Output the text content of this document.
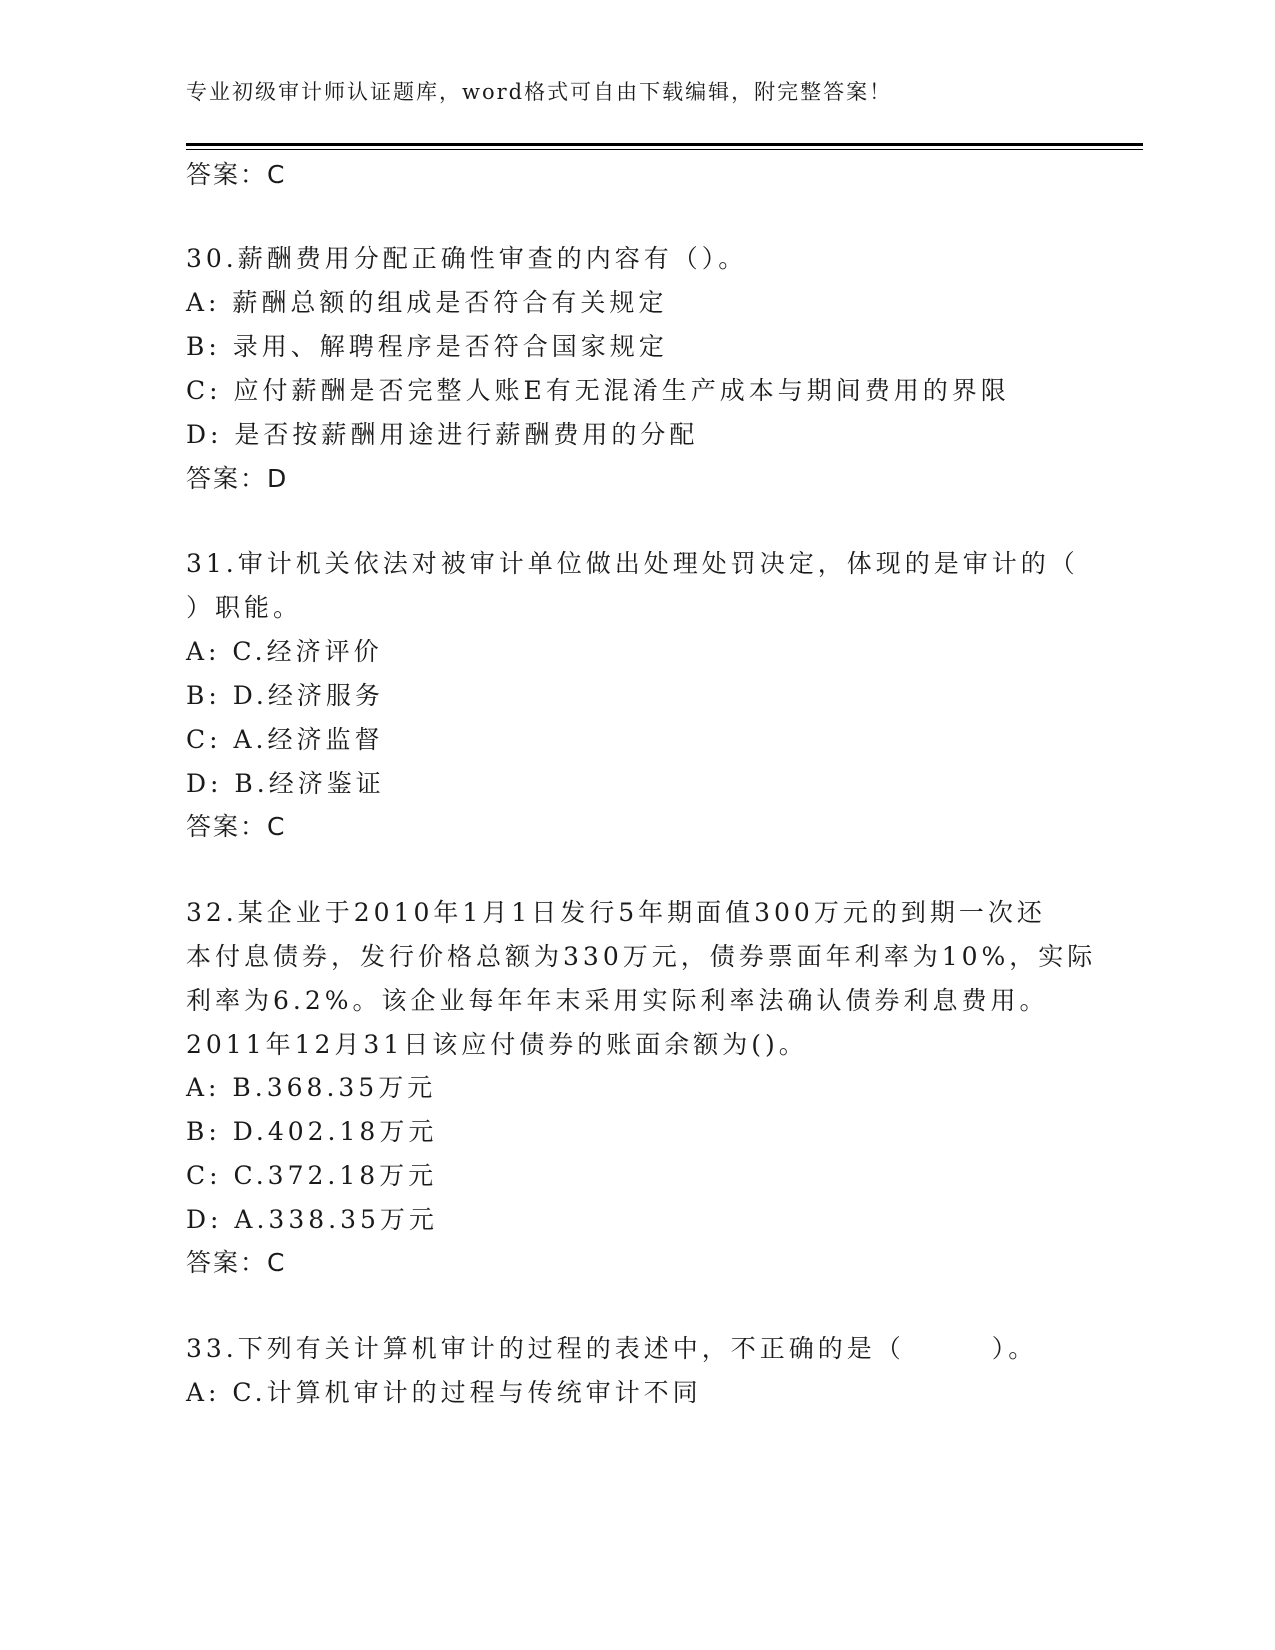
专业初级审计师认证题库，word格式可自由下载编辑，附完整答案！
答案：C
30.薪酬费用分配正确性审查的内容有（）。
A: 薪酬总额的组成是否符合有关规定
B: 录用、解聘程序是否符合国家规定
C: 应付薪酬是否完整人账E有无混淆生产成本与期间费用的界限
D: 是否按薪酬用途进行薪酬费用的分配
答案：D
31.审计机关依法对被审计单位做出处理处罚决定，体现的是审计的（
）职能。
A: C.经济评价
B: D.经济服务
C: A.经济监督
D: B.经济鉴证
答案：C
32.某企业于2010年1月1日发行5年期面值300万元的到期一次还
本付息债券，发行价格总额为330万元，债券票面年利率为10%，实际
利率为6.2%。该企业每年年末采用实际利率法确认债券利息费用。
2011年12月31日该应付债券的账面余额为()。
A: B.368.35万元
B: D.402.18万元
C: C.372.18万元
D: A.338.35万元
答案：C
33.下列有关计算机审计的过程的表述中，不正确的是（　　　）。
A: C.计算机审计的过程与传统审计不同
